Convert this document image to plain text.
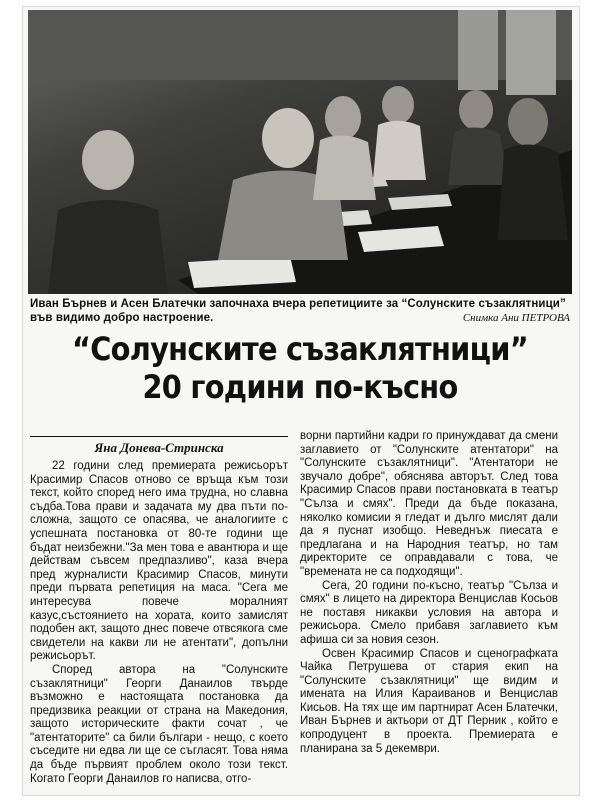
Иван Бърнев и Асен Блатечки започнаха вчера репетициите за “Солунските съзаклятници” във видимо добро настроение.	Снимка Ани ПЕТРОВА
“Солунските съзаклятници”
20 години по-късно
Яна Донева-Стринска

22 години след премиерата режисьорът Красимир Спасов отново се връща към този текст, който според него има трудна, но славна съдба.Това прави и задачата му два пъти по-сложна, защото се опасява, че аналогиите с успешната постановка от 80-те години ще бъдат неизбежни."За мен това е авантюра и ще действам съвсем предпазливо", каза вчера пред журналисти Красимир Спасов, минути преди първата репетиция на маса. "Сега ме интересува повече моралният казус,състоянието на хората, които замислят подобен акт, защото днес повече отвсякога сме свидетели на какви ли не атентати", допълни режисьорът.

Според автора на "Солунските съзаклятници" Георги Данаилов твърде възможно е настоящата постановка да предизвика реакции от страна на Македония, защото историческите факти сочат , че "атентаторите" са били българи - нещо, с което съседите ни едва ли ще се съгласят. Това няма да бъде първият проблем около този текст. Когато Георги Данаилов го написва, отго-

ворни партийни кадри го принуждават да смени заглавието от "Солунските атентатори" на "Солунските съзаклятници". "Атентатори не звучало добре", обяснява авторът. След това Красимир Спасов прави постановката в театър "Сълза и смях". Преди да бъде показана, няколко комисии я гледат и дълго мислят дали да я пуснат изобщо. Неведнъж пиесата е предлагана и на Народния театър, но там директорите се оправдавали с това, че "времената не са подходящи".

Сега, 20 години по-късно, театър "Сълза и смях" в лицето на директора Венцислав Косьов не поставя никакви условия на автора и режисьора. Смело прибавя заглавието към афиша си за новия сезон.

Освен Красимир Спасов и сценографката Чайка Петрушева от стария екип на "Солунските съзаклятници" ще видим и имената на Илия Караиванов и Венцислав Кисьов. На тях ще им партнират Асен Блатечки, Иван Бърнев и актьори от ДТ Перник , който е копродуцент в проекта. Премиерата е планирана за 5 декември.
